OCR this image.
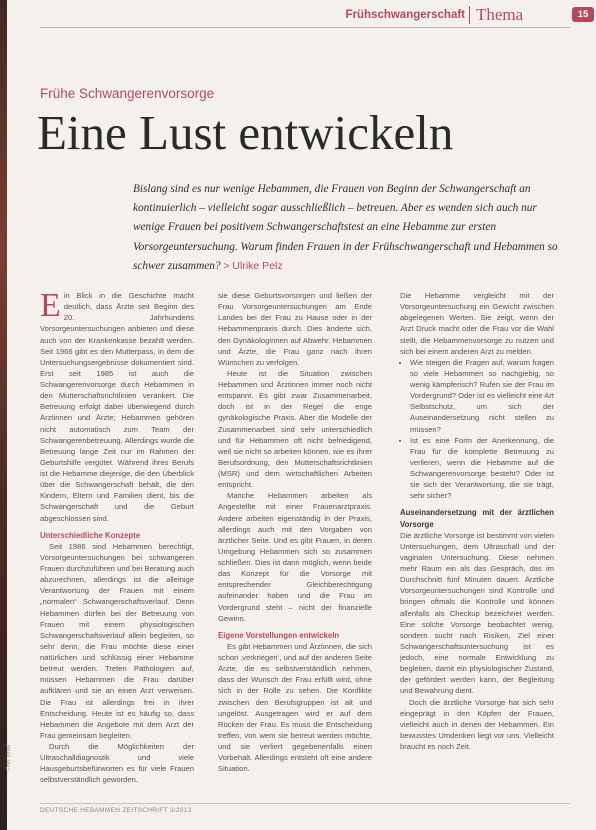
Foto: privat
Frühschwangerschaft Thema	15
Frühe Schwangerenvorsorge
Eine Lust entwickeln

Bislang sind es nur wenige Hebammen, die Frauen von Beginn der Schwangerschaft an kontinuierlich – vielleicht sogar ausschließlich – betreuen. Aber es wenden sich auch nur wenige Frauen bei positivem Schwangerschaftstest an eine Hebamme zur ersten Vorsorgeuntersuchung. Warum finden Frauen in der Frühschwangerschaft und Hebammen so schwer zusammen? > Ulrike Pelz

Ein Blick in die Geschichte macht deutlich, dass Ärzte seit Beginn des 20. Jahrhunderts Vorsorgeuntersuchungen anbieten und diese auch von der Krankenkasse bezahlt werden. Seit 1966 gibt es den Mutterpass, in dem die Untersuchungsergebnisse dokumentiert sind. Erst seit 1985 ist auch die Schwangerenvorsorge durch Hebammen in den Mutterschaftsrichtlinien verankert. Die Betreuung erfolgt dabei überwiegend durch Ärztinnen und Ärzte; Hebammen gehören nicht automatisch zum Team der Schwangerenbetreuung. Allerdings wurde die Betreuung lange Zeit nur im Rahmen der Geburtshilfe vergütet. Während ihres Berufs ist die Hebamme diejenige, die den Überblick über die Schwangerschaft behält, die den Kindern, Eltern und Familien dient, bis die Schwangerschaft und die Geburt abgeschlossen sind.

Unterschiedliche Konzepte

Seit 1986 sind Hebammen berechtigt, Vorsorgeuntersuchungen bei schwangeren Frauen durchzuführen und bei Beratung auch abzurechnen, allerdings ist die alleinige Verantwortung der Frauen mit einem „normalen“ Schwangerschaftsverlauf. Denn Hebammen dürfen bei der Betreuung von Frauen mit einem physiologischen Schwangerschaftsverlauf allein begleiten, so sehr denn, die Frau möchte diese einer natürlichen und schlüssig einer Hebamme betreut werden. Treten Pathologien auf, müssen Hebammen die Frau darüber aufklären und sie an einen Arzt verweisen. Die Frau ist allerdings frei in ihrer Entscheidung. Heute ist es häufig so, dass Hebammen die Angebote mit dem Arzt der Frau gemeinsam begleiten.

Durch die Möglichkeiten der Ultraschalldiagnostik und viele Hausgeburtsbefürworten es für viele Frauen selbstverständlich geworden.

sie diese Geburtsvorsorgen und ließen der Frau Vorsorgeuntersuchungen am Ende Landes bei der Frau zu Hause oder in der Hebammenpraxis durch. Dies änderte sich, den Gynäkologinnen auf Abwehr. Hebammen und Ärzte, die Frau ganz nach ihren Wünschen zu verfolgen.

Heute ist die Situation zwischen Hebammen und Ärztinnen immer noch nicht entspannt. Es gibt zwar Zusammenarbeit, doch ist in der Regel die enge gynäkologische Praxis. Aber die Modelle der Zusammenarbeit sind sehr unterschiedlich und für Hebammen oft nicht befriedigend, weil sie nicht so arbeiten können, wie es ihrer Berufsordnung, den Mutterschaftsrichtlinien (MSR) und dem wirtschaftlichen Arbeiten entspricht.

Manche Hebammen arbeiten als Angestellte mit einer Frauenarztpraxis. Andere arbeiten eigenständig in der Praxis, allerdings auch mit den Vorgaben von ärztlicher Seite. Und es gibt Frauen, in deren Umgebung Hebammen sich so zusammen schließen. Dies ist dann möglich, wenn beide das Konzept für die Vorsorge mit entsprechender Gleichberechtigung aufeinander haben und die Frau im Vordergrund steht – nicht der finanzielle Gewinn.

Eigene Vorstellungen entwickeln

Es gibt Hebammen und Ärztinnen, die sich schon ‚verkriegen‘, und auf der anderen Seite Ärzte, die es selbstverständlich nehmen, dass der Wunsch der Frau erfüllt wird, ohne sich in der Rolle zu sehen. Die Konflikte zwischen den Berufsgruppen ist alt und ungelöst. Ausgetragen wird er auf dem Rücken der Frau. Es muss die Entscheidung treffen, von wem sie betreut werden möchte, und sie verliert gegebenenfalls einen Vorbehalt. Allerdings entsteht oft eine andere Situation.

Die Hebamme vergleicht mit der Vorsorgeuntersuchung ein Gewicht zwischen abgelegenen Werten. Sie zeigt, wenn der Arzt Druck macht oder die Frau vor die Wahl stellt, die Hebammenvorsorge zu nutzen und sich bei einem anderen Arzt zu melden.

• Wie steigen die Fragen auf, warum fragen so viele Hebammen so nachgiebig, so wenig kämpferisch? Rufen sie der Frau im Vordergrund? Oder ist es vielleicht eine Art Selbstschutz, um sich der Auseinandersetzung nicht stellen zu müssen?
• Ist es eine Form der Anerkennung, die Frau für die komplette Betreuung zu verlieren, wenn die Hebamme auf die Schwangerenvorsorge besteht? Oder ist sie sich der Verantwortung, die sie trägt, sehr sicher?
Auseinandersetzung mit der ärztlichen Vorsorge

Die ärztliche Vorsorge ist bestimmt von vielen Untersuchungen, dem Ultraschall und der vaginalen Untersuchung. Diese nehmen mehr Raum ein als das Gespräch, das im Durchschnitt fünf Minuten dauert. Ärztliche Vorsorgeuntersuchungen sind Kontrolle und bringen oftmals die Kontrolle und können allenfalls als Checkup bezeichnet werden. Eine solche Vorsorge beobachtet wenig, sondern sucht nach Risiken, Ziel einer Schwangerschaftsuntersuchung ist es jedoch, eine normale Entwicklung zu begleiten, damit ein physiologischer Zustand, der gefördert werden kann, der Begleitung und Bewahrung dient.

Doch die ärztliche Vorsorge hat sich sehr eingeprägt in den Köpfen der Frauen, vielleicht auch in denen der Hebammen. Ein bewusstes Umdenken liegt vor uns. Vielleicht braucht es noch Zeit.

DEUTSCHE HEBAMMEN ZEITSCHRIFT 3/2013
